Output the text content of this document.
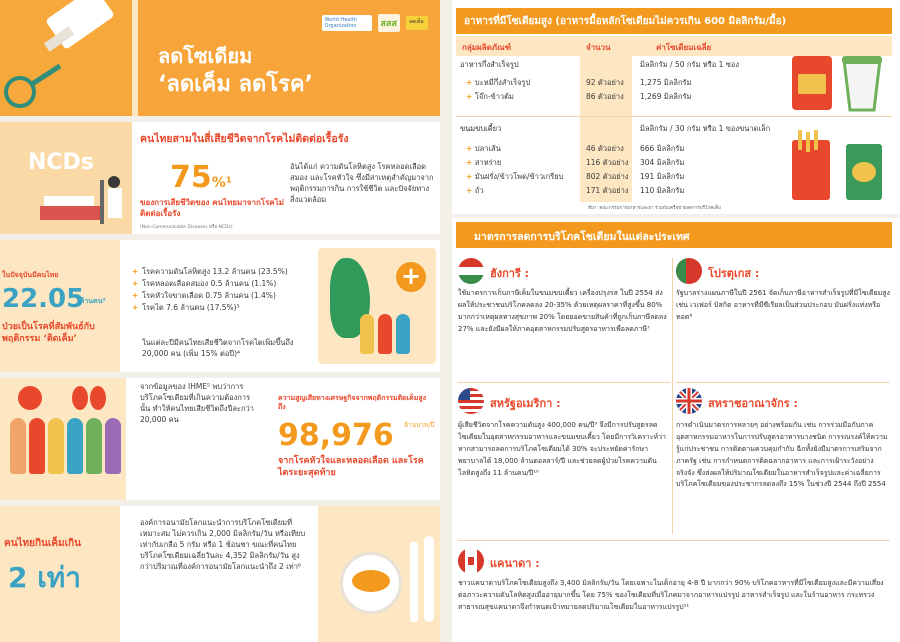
World Health Organization	สสส	ลดเค็ม
ลดโซเดียม
‘ลดเค็ม ลดโรค’
NCDs
คนไทยสามในสี่เสียชีวิตจากโรคไม่ติดต่อเรื้อรัง
75%¹
ของการเสียชีวิตของ คนไทยมาจากโรคไม่ติดต่อเรื้อรัง
(Non-Communicable Diseases หรือ NCDs)
อันได้แก่ ความดันโลหิตสูง โรคหลอดเลือดสมอง และโรคหัวใจ ซึ่งมีสาเหตุสำคัญมาจากพฤติกรรมการกิน การใช้ชีวิต และปัจจัยทางสิ่งแวดล้อม
ในปัจจุบันมีคนไทย
22.05
ล้านคน²
ป่วยเป็นโรคที่สัมพันธ์กับพฤติกรรม ‘ติดเค็ม’
+ โรคความดันโลหิตสูง 13.2 ล้านคน (23.5%)
+ โรคหลอดเลือดสมอง 0.5 ล้านคน (1.1%)
+ โรคหัวใจขาดเลือด 0.75 ล้านคน (1.4%)
+ โรคไต 7.6 ล้านคน (17.5%)³
ในแต่ละปีมีคนไทยเสียชีวิตจากโรคไตเพิ่มขึ้นถึง 20,000 คน (เพิ่ม 15% ต่อปี)⁴
+
จากข้อมูลของ IHME⁵ พบว่าการบริโภคโซเดียมที่เกินความต้องการนั้น ทำให้คนไทยเสียชีวิตถึงปีละกว่า 20,000 คน
ความสูญเสียทางเศรษฐกิจจากพฤติกรรมติดเค็มสูงถึง
98,976 ล้านบาท/ปี
จากโรคหัวใจและหลอดเลือด และโรคไตระยะสุดท้าย
คนไทยกินเค็มเกิน
2 เท่า
องค์การอนามัยโลกแนะนำการบริโภคโซเดียมที่เหมาะสม ไม่ควรเกิน 2,000 มิลลิกรัม/วัน หรือเทียบเท่ากับเกลือ 5 กรัม หรือ 1 ช้อนชา ขณะที่คนไทยบริโภคโซเดียมเฉลี่ยวันละ 4,352 มิลลิกรัม/วัน สูงกว่าปริมาณที่องค์การอนามัยโลกแนะนำถึง 2 เท่า⁶
อาหารที่มีโซเดียมสูง (อาหารมื้อหลักโซเดียมไม่ควรเกิน 600 มิลลิกรัม/มื้อ)
กลุ่มผลิตภัณฑ์	จำนวน	ค่าโซเดียมเฉลี่ย
อาหารกึ่งสำเร็จรูป	มิลลิกรัม / 50 กรัม หรือ 1 ซอง
+ บะหมี่กึ่งสำเร็จรูป	92 ตัวอย่าง 1,275 มิลลิกรัม
+ โจ๊ก-ข้าวต้ม	86 ตัวอย่าง 1,269 มิลลิกรัม
ขนมขบเคี้ยว	มิลลิกรัม / 30 กรัม หรือ 1 ของขนาดเล็ก
+ ปลาเส้น	46 ตัวอย่าง 666 มิลลิกรัม
+ สาหร่าย	116 ตัวอย่าง 304 มิลลิกรัม
+ มันฝรั่ง/ข้าวโพด/ข้าวเกรียบ	802 ตัวอย่าง 191 มิลลิกรัม
+ ถั่ว	171 ตัวอย่าง 110 มิลลิกรัม
ที่มา: คณะกรรมการอาหารและยา ร่วมกับเครือข่ายลดการบริโภคเค็ม
มาตรการลดการบริโภคโซเดียมในแต่ละประเทศ
ฮังการี :
ใช้มาตรการเก็บภาษีเค็มในขนมขบเคี้ยว เครื่องปรุงรส ในปี 2554 ส่งผลให้ประชาชนบริโภคลดลง 20-35% ด้วยเหตุผลราคาที่สูงขึ้น 80% มากกว่าเหตุผลทางสุขภาพ 20% โดยยอดขายสินค้าที่ถูกเก็บภาษีลดลง 27% และยังมีผลให้ภาคอุตสาหกรรมปรับสูตรอาหารเพื่อลดภาษี⁷
โปรตุเกส :
รัฐบาลร่างแผนภาษีในปี 2561 จัดเก็บภาษีอาหารสำเร็จรูปที่มีโซเดียมสูง เช่น เวเฟอร์ บิสกิต อาหารที่มีซีเรียลเป็นส่วนประกอบ มันฝรั่งแท่งหรือทอด⁸
สหรัฐอเมริกา :
ผู้เสียชีวิตจากโรคความดันสูง 400,000 คน/ปี⁹ จึงมีการปรับสูตรลดโซเดียมในอุตสาหกรรมอาหารและขนมขบเคี้ยว โดยมีการวิเคราะห์ว่า หากสามารถลดการบริโภคโซเดียมได้ 30% จะประหยัดค่ารักษาพยาบาลได้ 18,000 ล้านดอลลาร์/ปี และช่วยลดผู้ป่วยโรคความดันโลหิตสูงถึง 11 ล้านคน/ปี¹⁰
สหราชอาณาจักร :
การดำเนินมาตรการหลายๆ อย่างพร้อมกัน เช่น การร่วมมือกับภาคอุตสาหกรรมอาหารในการปรับสูตรอาหารบางชนิด การรณรงค์ให้ความรู้แก่ประชาชน การติดตามควบคุมกำกับ ฉีกทั้งยังมีมาตรการเสริมจากภาครัฐ เช่น การกำหนดการติดฉลากอาหาร และการเฝ้าระวังอย่างจริงจัง ซึ่งส่งผลให้ปริมาณโซเดียมในอาหารสำเร็จรูปและค่าเฉลี่ยการบริโภคโซเดียมของประชากรลดลงถึง 15% ในช่วงปี 2544 ถึงปี 2554
แคนาดา :
ชาวแคนาดาบริโภคโซเดียมสูงถึง 3,400 มิลลิกรัม/วัน โดยเฉพาะในเด็กอายุ 4-8 ปี มากกว่า 90% บริโภคอาหารที่มีโซเดียมสูงและมีความเสี่ยงต่อภาวะความดันโลหิตสูงเมื่ออายุมากขึ้น โดย 75% ของโซเดียมที่บริโภคมาจากอาหารแปรรูป อาหารสำเร็จรูป และในร้านอาหาร กระทรวงสาธารณสุขแคนาดาจึงกำหนดเป้าหมายลดปริมาณโซเดียมในอาหารแปรรูป¹¹
